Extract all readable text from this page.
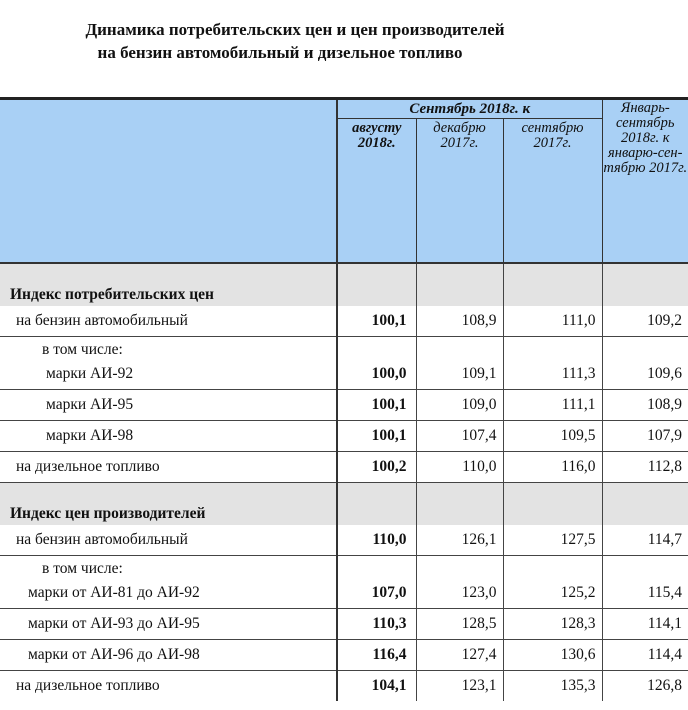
Динамика потребительских цен и цен производителей
на бензин автомобильный и дизельное топливо
	Сентябрь 2018г. к			Январь-сентябрь 2018г. к январю-сен-тябрю 2017г.
	августу 2018г.	декабрю 2017г.	сентябрю 2017г.	

Индекс потребительских цен				
на бензин автомобильный	100,1	108,9	111,0	109,2
в том числе:				
марки АИ-92	100,0	109,1	111,3	109,6
марки АИ-95	100,1	109,0	111,1	108,9
марки АИ-98	100,1	107,4	109,5	107,9
на дизельное топливо	100,2	110,0	116,0	112,8

Индекс цен производителей				
на бензин автомобильный	110,0	126,1	127,5	114,7
в том числе:				
марки от АИ-81 до АИ-92	107,0	123,0	125,2	115,4
марки от АИ-93 до АИ-95	110,3	128,5	128,3	114,1
марки от АИ-96 до АИ-98	116,4	127,4	130,6	114,4
на дизельное топливо	104,1	123,1	135,3	126,8
